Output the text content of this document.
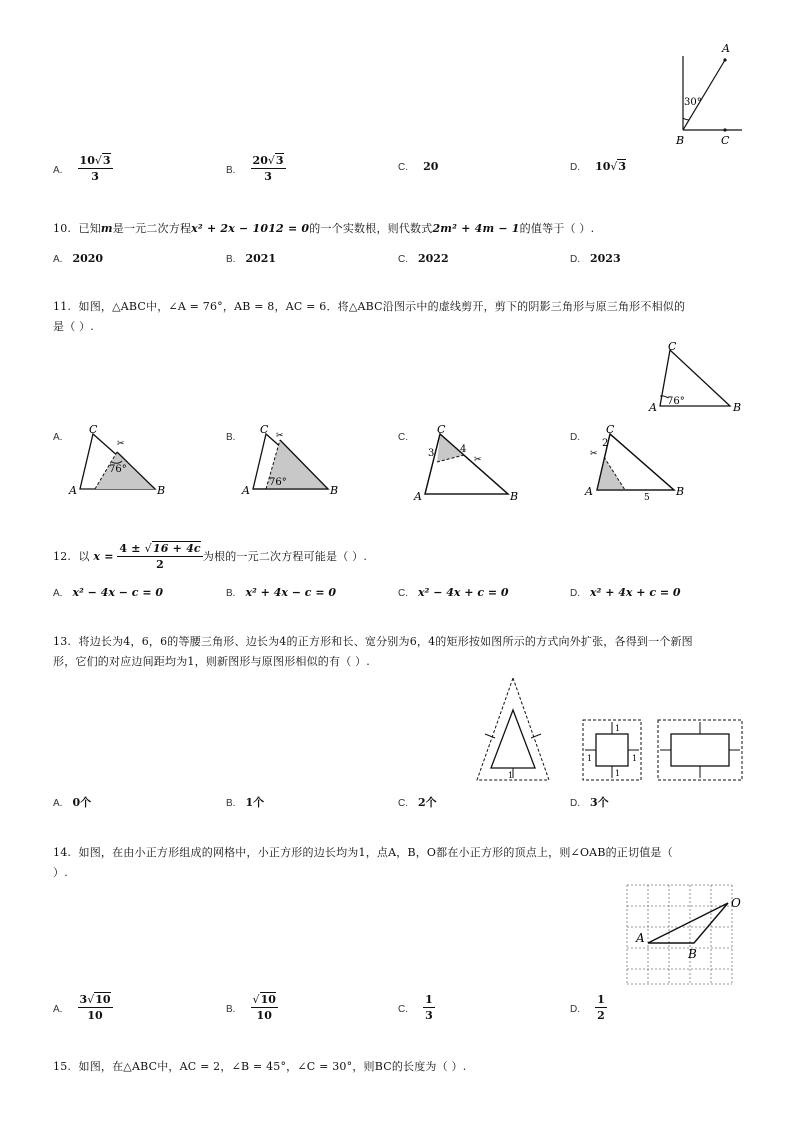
A
B	C
30°
A. $\frac{10√3}{3}$	B. $\frac{20√3}{3}$	C. 20	D. 10√3
10. 已知m是一元二次方程x² + 2x − 1012 = 0的一个实数根，则代数式2m² + 4m − 1的值等于（ ）.
A. 2020	B. 2021	C. 2022	D. 2023
11. 如图，△ABC中，∠A = 76°，AB = 8，AC = 6．将△ABC沿图示中的虚线剪开，剪下的阴影三角形与原三角形不相似的
是（ ）.
C
A	B
76°
A.
✂
C
A	B
76°
B.	✂
C
A	B
76°
C.
✂
C
A	B
3	4
D.
✂
C
A	B
2
5
12.
以
x =
$\frac{4 \pm √16 + 4c}{2}$ 为根的一元二次方程可能是（ ）.
A. x² − 4x − c = 0	B. x² + 4x − c = 0	C. x² − 4x + c = 0	D. x² + 4x + c = 0
13. 将边长为4，6，6的等腰三角形、边长为4的正方形和长、宽分别为6，4的矩形按如图所示的方式向外扩张，各得到一个新图
形，它们的对应边间距均为1，则新图形与原图形相似的有（ ）.
1
1
1
1	1
A. 0个	B. 1个	C. 2个	D. 3个
14. 如图，在由小正方形组成的网格中，小正方形的边长均为1，点A，B，O都在小正方形的顶点上，则∠OAB的正切值是（
）.
A
B
O
A. $\frac{3√10}{10}$	B. $\frac{√10}{10}$	C. $\frac{1}{3}$	D. $\frac{1}{2}$
15. 如图，在△ABC中，AC = 2，∠B = 45°，∠C = 30°，则BC的长度为（ ）.
